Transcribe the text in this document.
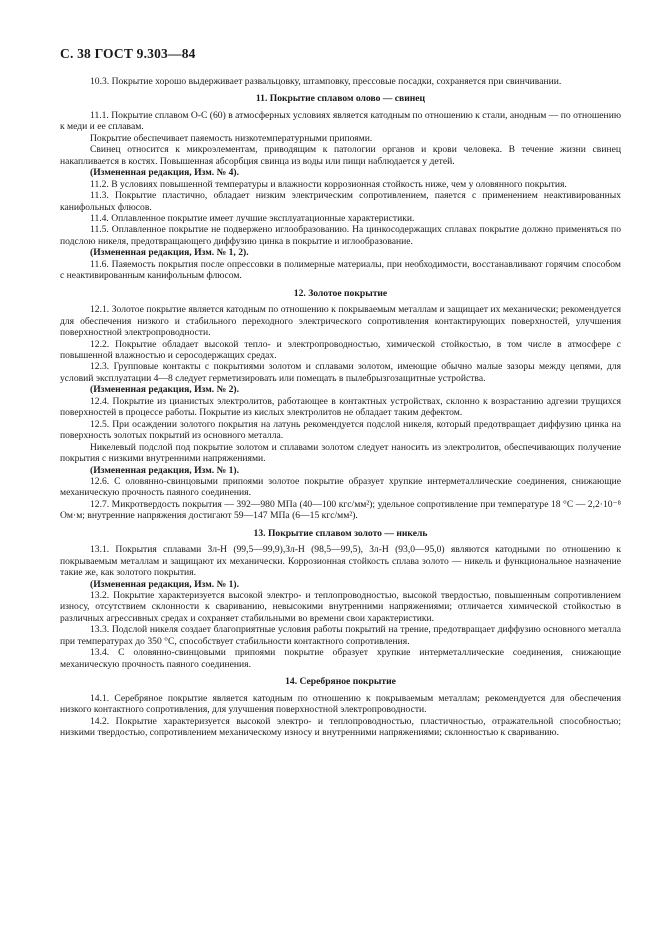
С. 38 ГОСТ 9.303—84
10.3. Покрытие хорошо выдерживает развальцовку, штамповку, прессовые посадки, сохраняется при свинчивании.
11. Покрытие сплавом олово — свинец
11.1. Покрытие сплавом О-С (60) в атмосферных условиях является катодным по отношению к стали, анодным — по отношению к меди и ее сплавам.
Покрытие обеспечивает паяемость низкотемпературными припоями.
Свинец относится к микроэлементам, приводящим к патологии органов и крови человека. В течение жизни свинец накапливается в костях. Повышенная абсорбция свинца из воды или пищи наблюдается у детей.
(Измененная редакция, Изм. № 4).
11.2. В условиях повышенной температуры и влажности коррозионная стойкость ниже, чем у оловянного покрытия.
11.3. Покрытие пластично, обладает низким электрическим сопротивлением, паяется с применением неактивированных канифольных флюсов.
11.4. Оплавленное покрытие имеет лучшие эксплуатационные характеристики.
11.5. Оплавленное покрытие не подвержено иглообразованию. На цинкосодержащих сплавах покрытие должно применяться по подслою никеля, предотвращающего диффузию цинка в покрытие и иглообразование.
(Измененная редакция, Изм. № 1, 2).
11.6. Паяемость покрытия после опрессовки в полимерные материалы, при необходимости, восстанавливают горячим способом с неактивированным канифольным флюсом.
12. Золотое покрытие
12.1. Золотое покрытие является катодным по отношению к покрываемым металлам и защищает их механически; рекомендуется для обеспечения низкого и стабильного переходного электрического сопротивления контактирующих поверхностей, улучшения поверхностной электропроводности.
12.2. Покрытие обладает высокой тепло- и электропроводностью, химической стойкостью, в том числе в атмосфере с повышенной влажностью и серосодержащих средах.
12.3. Групповые контакты с покрытиями золотом и сплавами золотом, имеющие обычно малые зазоры между цепями, для условий эксплуатации 4—8 следует герметизировать или помещать в пылебрызгозащитные устройства.
(Измененная редакция, Изм. № 2).
12.4. Покрытие из цианистых электролитов, работающее в контактных устройствах, склонно к возрастанию адгезии трущихся поверхностей в процессе работы. Покрытие из кислых электролитов не обладает таким дефектом.
12.5. При осаждении золотого покрытия на латунь рекомендуется подслой никеля, который предотвращает диффузию цинка на поверхность золотых покрытий из основного металла.
Никелевый подслой под покрытие золотом и сплавами золотом следует наносить из электролитов, обеспечивающих получение покрытия с низкими внутренними напряжениями.
(Измененная редакция, Изм. № 1).
12.6. С оловянно-свинцовыми припоями золотое покрытие образует хрупкие интерметаллические соединения, снижающие механическую прочность паяного соединения.
12.7. Микротвердость покрытия — 392—980 МПа (40—100 кгс/мм²); удельное сопротивление при температуре 18 °С — 2,2·10⁻⁸ Ом·м; внутренние напряжения достигают 59—147 МПа (6—15 кгс/мм²).
13. Покрытие сплавом золото — никель
13.1. Покрытия сплавами Зл-Н (99,5—99,9),Зл-Н (98,5—99,5), Зл-Н (93,0—95,0) являются катодными по отношению к покрываемым металлам и защищают их механически. Коррозионная стойкость сплава золото — никель и функциональное назначение такие же, как золотого покрытия.
(Измененная редакция, Изм. № 1).
13.2. Покрытие характеризуется высокой электро- и теплопроводностью, высокой твердостью, повышенным сопротивлением износу, отсутствием склонности к свариванию, невысокими внутренними напряжениями; отличается химической стойкостью в различных агрессивных средах и сохраняет стабильными во времени свои характеристики.
13.3. Подслой никеля создает благоприятные условия работы покрытий на трение, предотвращает диффузию основного металла при температурах до 350 °С, способствует стабильности контактного сопротивления.
13.4. С оловянно-свинцовыми припоями покрытие образует хрупкие интерметаллические соединения, снижающие механическую прочность паяного соединения.
14. Серебряное покрытие
14.1. Серебряное покрытие является катодным по отношению к покрываемым металлам; рекомендуется для обеспечения низкого контактного сопротивления, для улучшения поверхностной электропроводности.
14.2. Покрытие характеризуется высокой электро- и теплопроводностью, пластичностью, отражательной способностью; низкими твердостью, сопротивлением механическому износу и внутренними напряжениями; склонностью к свариванию.
